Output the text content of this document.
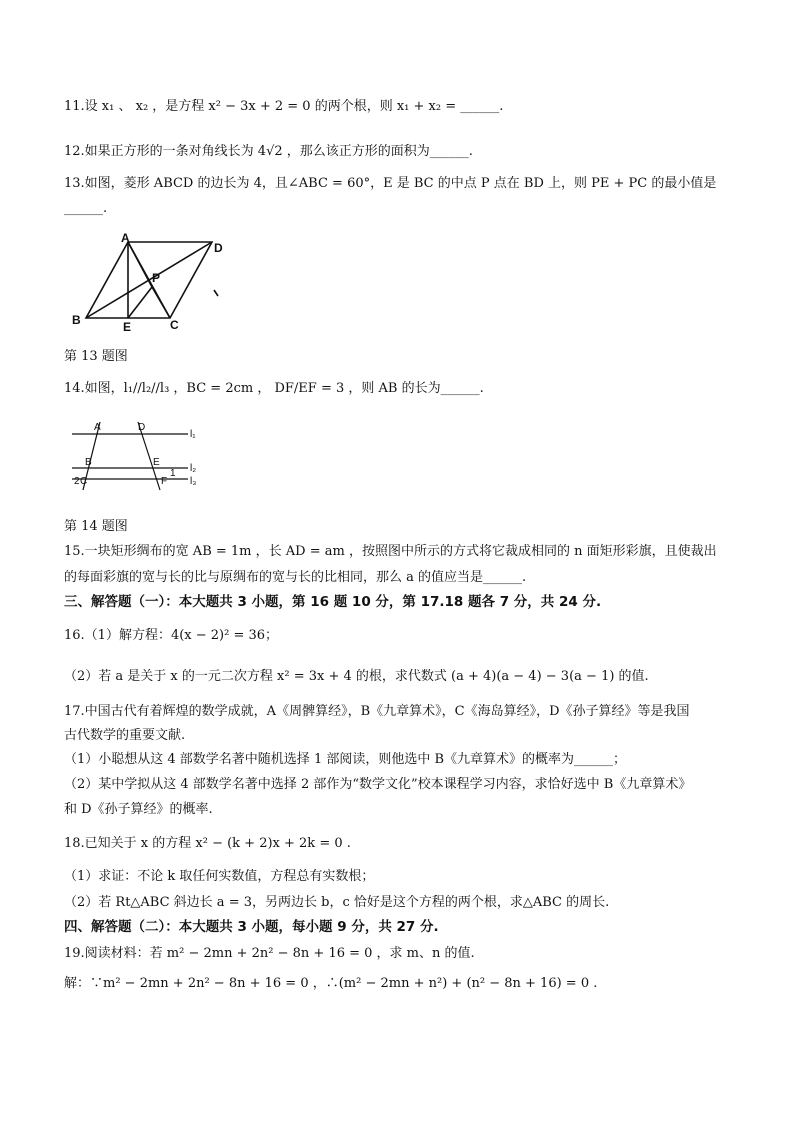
11.设 x₁ 、 x₂ ，是方程 x² − 3x + 2 = 0 的两个根，则 x₁ + x₂ = ______.
12.如果正方形的一条对角线长为 4√2 ，那么该正方形的面积为______.
13.如图，菱形 ABCD 的边长为 4，且∠ABC = 60°，E 是 BC 的中点 P 点在 BD 上，则 PE + PC 的最小值是
______.
A
D
P
B	E	C
第 13 题图
14.如图，l₁//l₂//l₃ ，BC = 2cm ， DF/EF = 3 ，则 AB 的长为______.
A	D
B	E
2 C	F
1
l₁
l₂
l₃
第 14 题图
15.一块矩形绸布的宽 AB = 1m ，长 AD = am ，按照图中所示的方式将它裁成相同的 n 面矩形彩旗，且使裁出
的每面彩旗的宽与长的比与原绸布的宽与长的比相同，那么 a 的值应当是______.
三、解答题（一）：本大题共 3 小题，第 16 题 10 分，第 17.18 题各 7 分，共 24 分.
16.（1）解方程：4(x − 2)² = 36；
（2）若 a 是关于 x 的一元二次方程 x² = 3x + 4 的根，求代数式 (a + 4)(a − 4) − 3(a − 1) 的值.
17.中国古代有着辉煌的数学成就，A《周髀算经》，B《九章算术》，C《海岛算经》，D《孙子算经》等是我国
古代数学的重要文献.
（1）小聪想从这 4 部数学名著中随机选择 1 部阅读，则他选中 B《九章算术》的概率为______；
（2）某中学拟从这 4 部数学名著中选择 2 部作为“数学文化”校本课程学习内容，求恰好选中 B《九章算术》
和 D《孙子算经》的概率.
18.已知关于 x 的方程 x² − (k + 2)x + 2k = 0 .
（1）求证：不论 k 取任何实数值，方程总有实数根；
（2）若 Rt△ABC 斜边长 a = 3，另两边长 b，c 恰好是这个方程的两个根，求△ABC 的周长.
四、解答题（二）：本大题共 3 小题，每小题 9 分，共 27 分.
19.阅读材料：若 m² − 2mn + 2n² − 8n + 16 = 0 ，求 m、n 的值.
解：∵m² − 2mn + 2n² − 8n + 16 = 0 ，∴(m² − 2mn + n²) + (n² − 8n + 16) = 0 .
